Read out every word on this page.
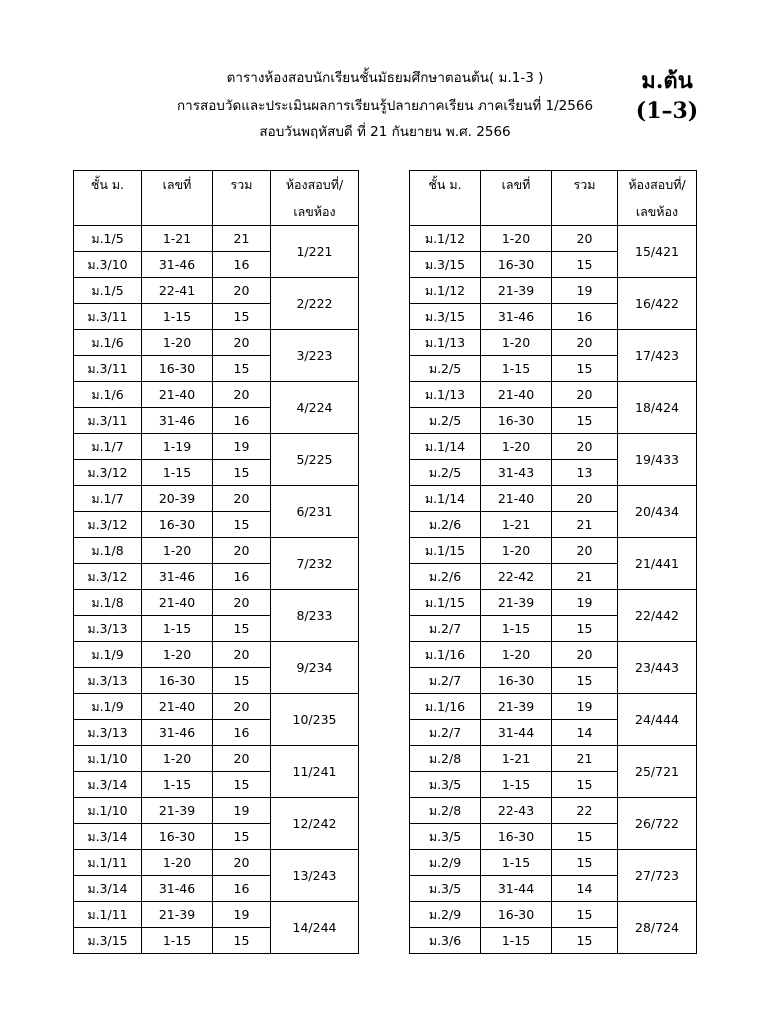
ตารางห้องสอบนักเรียนชั้นมัธยมศึกษาตอนต้น( ม.1-3 )
การสอบวัดและประเมินผลการเรียนรู้ปลายภาคเรียน ภาคเรียนที่ 1/2566
สอบวันพฤหัสบดี ที่ 21 กันยายน พ.ศ. 2566
ม.ต้น
(1–3)
ชั้น ม.	เลขที่	รวม	ห้องสอบที่/
			เลขห้อง
ม.1/5	1-21	21	1/221
ม.3/10	31-46	16	
ม.1/5	22-41	20	2/222
ม.3/11	1-15	15	
ม.1/6	1-20	20	3/223
ม.3/11	16-30	15	
ม.1/6	21-40	20	4/224
ม.3/11	31-46	16	
ม.1/7	1-19	19	5/225
ม.3/12	1-15	15	
ม.1/7	20-39	20	6/231
ม.3/12	16-30	15	
ม.1/8	1-20	20	7/232
ม.3/12	31-46	16	
ม.1/8	21-40	20	8/233
ม.3/13	1-15	15	
ม.1/9	1-20	20	9/234
ม.3/13	16-30	15	
ม.1/9	21-40	20	10/235
ม.3/13	31-46	16	
ม.1/10	1-20	20	11/241
ม.3/14	1-15	15	
ม.1/10	21-39	19	12/242
ม.3/14	16-30	15	
ม.1/11	1-20	20	13/243
ม.3/14	31-46	16	
ม.1/11	21-39	19	14/244
ม.3/15	1-15	15	
ชั้น ม.	เลขที่	รวม	ห้องสอบที่/
			เลขห้อง
ม.1/12	1-20	20	15/421
ม.3/15	16-30	15	
ม.1/12	21-39	19	16/422
ม.3/15	31-46	16	
ม.1/13	1-20	20	17/423
ม.2/5	1-15	15	
ม.1/13	21-40	20	18/424
ม.2/5	16-30	15	
ม.1/14	1-20	20	19/433
ม.2/5	31-43	13	
ม.1/14	21-40	20	20/434
ม.2/6	1-21	21	
ม.1/15	1-20	20	21/441
ม.2/6	22-42	21	
ม.1/15	21-39	19	22/442
ม.2/7	1-15	15	
ม.1/16	1-20	20	23/443
ม.2/7	16-30	15	
ม.1/16	21-39	19	24/444
ม.2/7	31-44	14	
ม.2/8	1-21	21	25/721
ม.3/5	1-15	15	
ม.2/8	22-43	22	26/722
ม.3/5	16-30	15	
ม.2/9	1-15	15	27/723
ม.3/5	31-44	14	
ม.2/9	16-30	15	28/724
ม.3/6	1-15	15	
